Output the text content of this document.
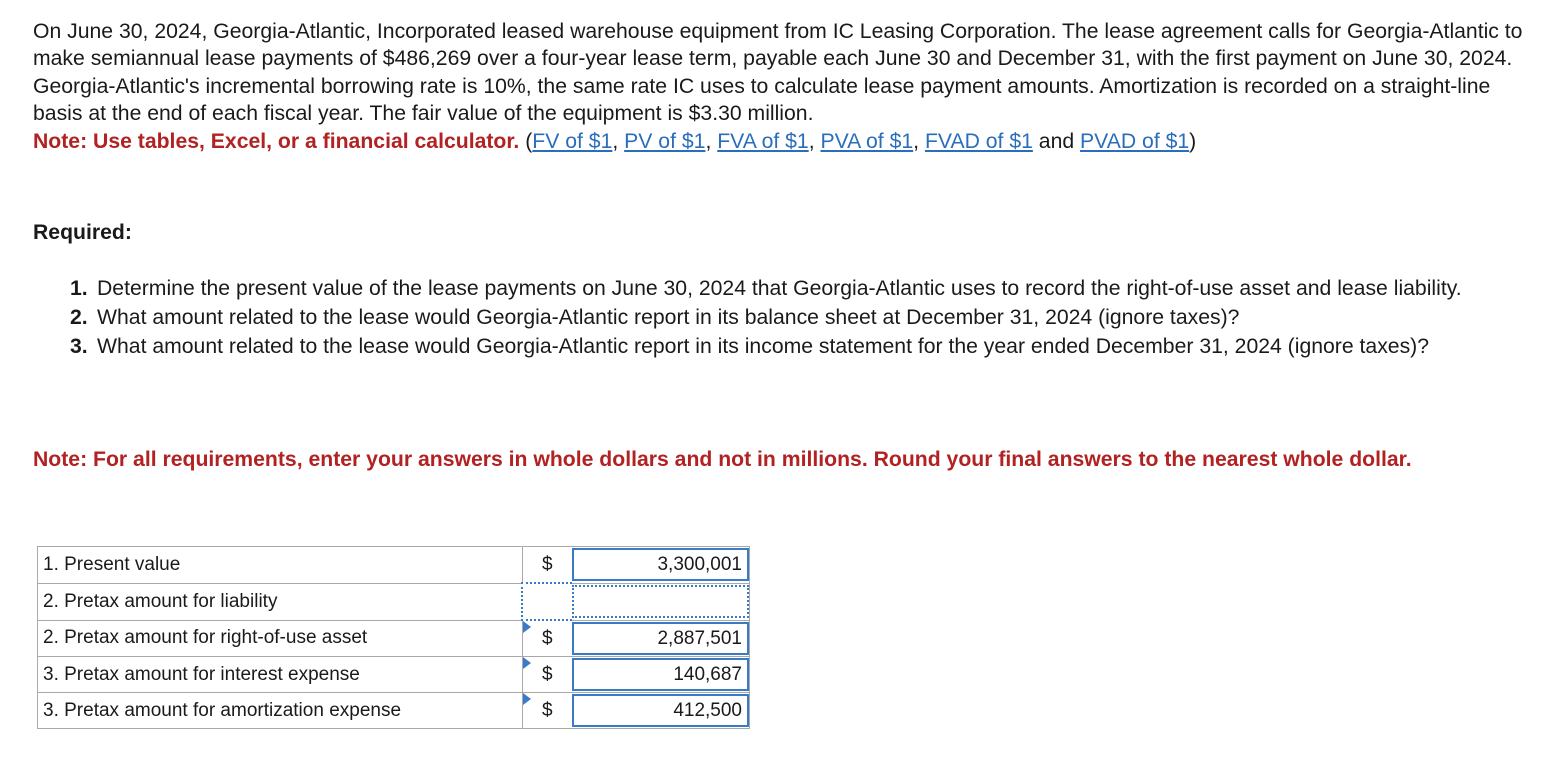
On June 30, 2024, Georgia-Atlantic, Incorporated leased warehouse equipment from IC Leasing Corporation. The lease agreement calls for Georgia-Atlantic to make semiannual lease payments of $486,269 over a four-year lease term, payable each June 30 and December 31, with the first payment on June 30, 2024. Georgia-Atlantic's incremental borrowing rate is 10%, the same rate IC uses to calculate lease payment amounts. Amortization is recorded on a straight-line basis at the end of each fiscal year. The fair value of the equipment is $3.30 million.

Note: Use tables, Excel, or a financial calculator. (FV of $1, PV of $1, FVA of $1, PVA of $1, FVAD of $1 and PVAD of $1)

Required:

1. Determine the present value of the lease payments on June 30, 2024 that Georgia-Atlantic uses to record the right-of-use asset and lease liability.
2. What amount related to the lease would Georgia-Atlantic report in its balance sheet at December 31, 2024 (ignore taxes)?
3. What amount related to the lease would Georgia-Atlantic report in its income statement for the year ended December 31, 2024 (ignore taxes)?

Note: For all requirements, enter your answers in whole dollars and not in millions. Round your final answers to the nearest whole dollar.

1. Present value	$	3,300,001

2. Pretax amount for liability		

2. Pretax amount for right-of-use asset	$	2,887,501

3. Pretax amount for interest expense	$	140,687

3. Pretax amount for amortization expense	$	412,500
